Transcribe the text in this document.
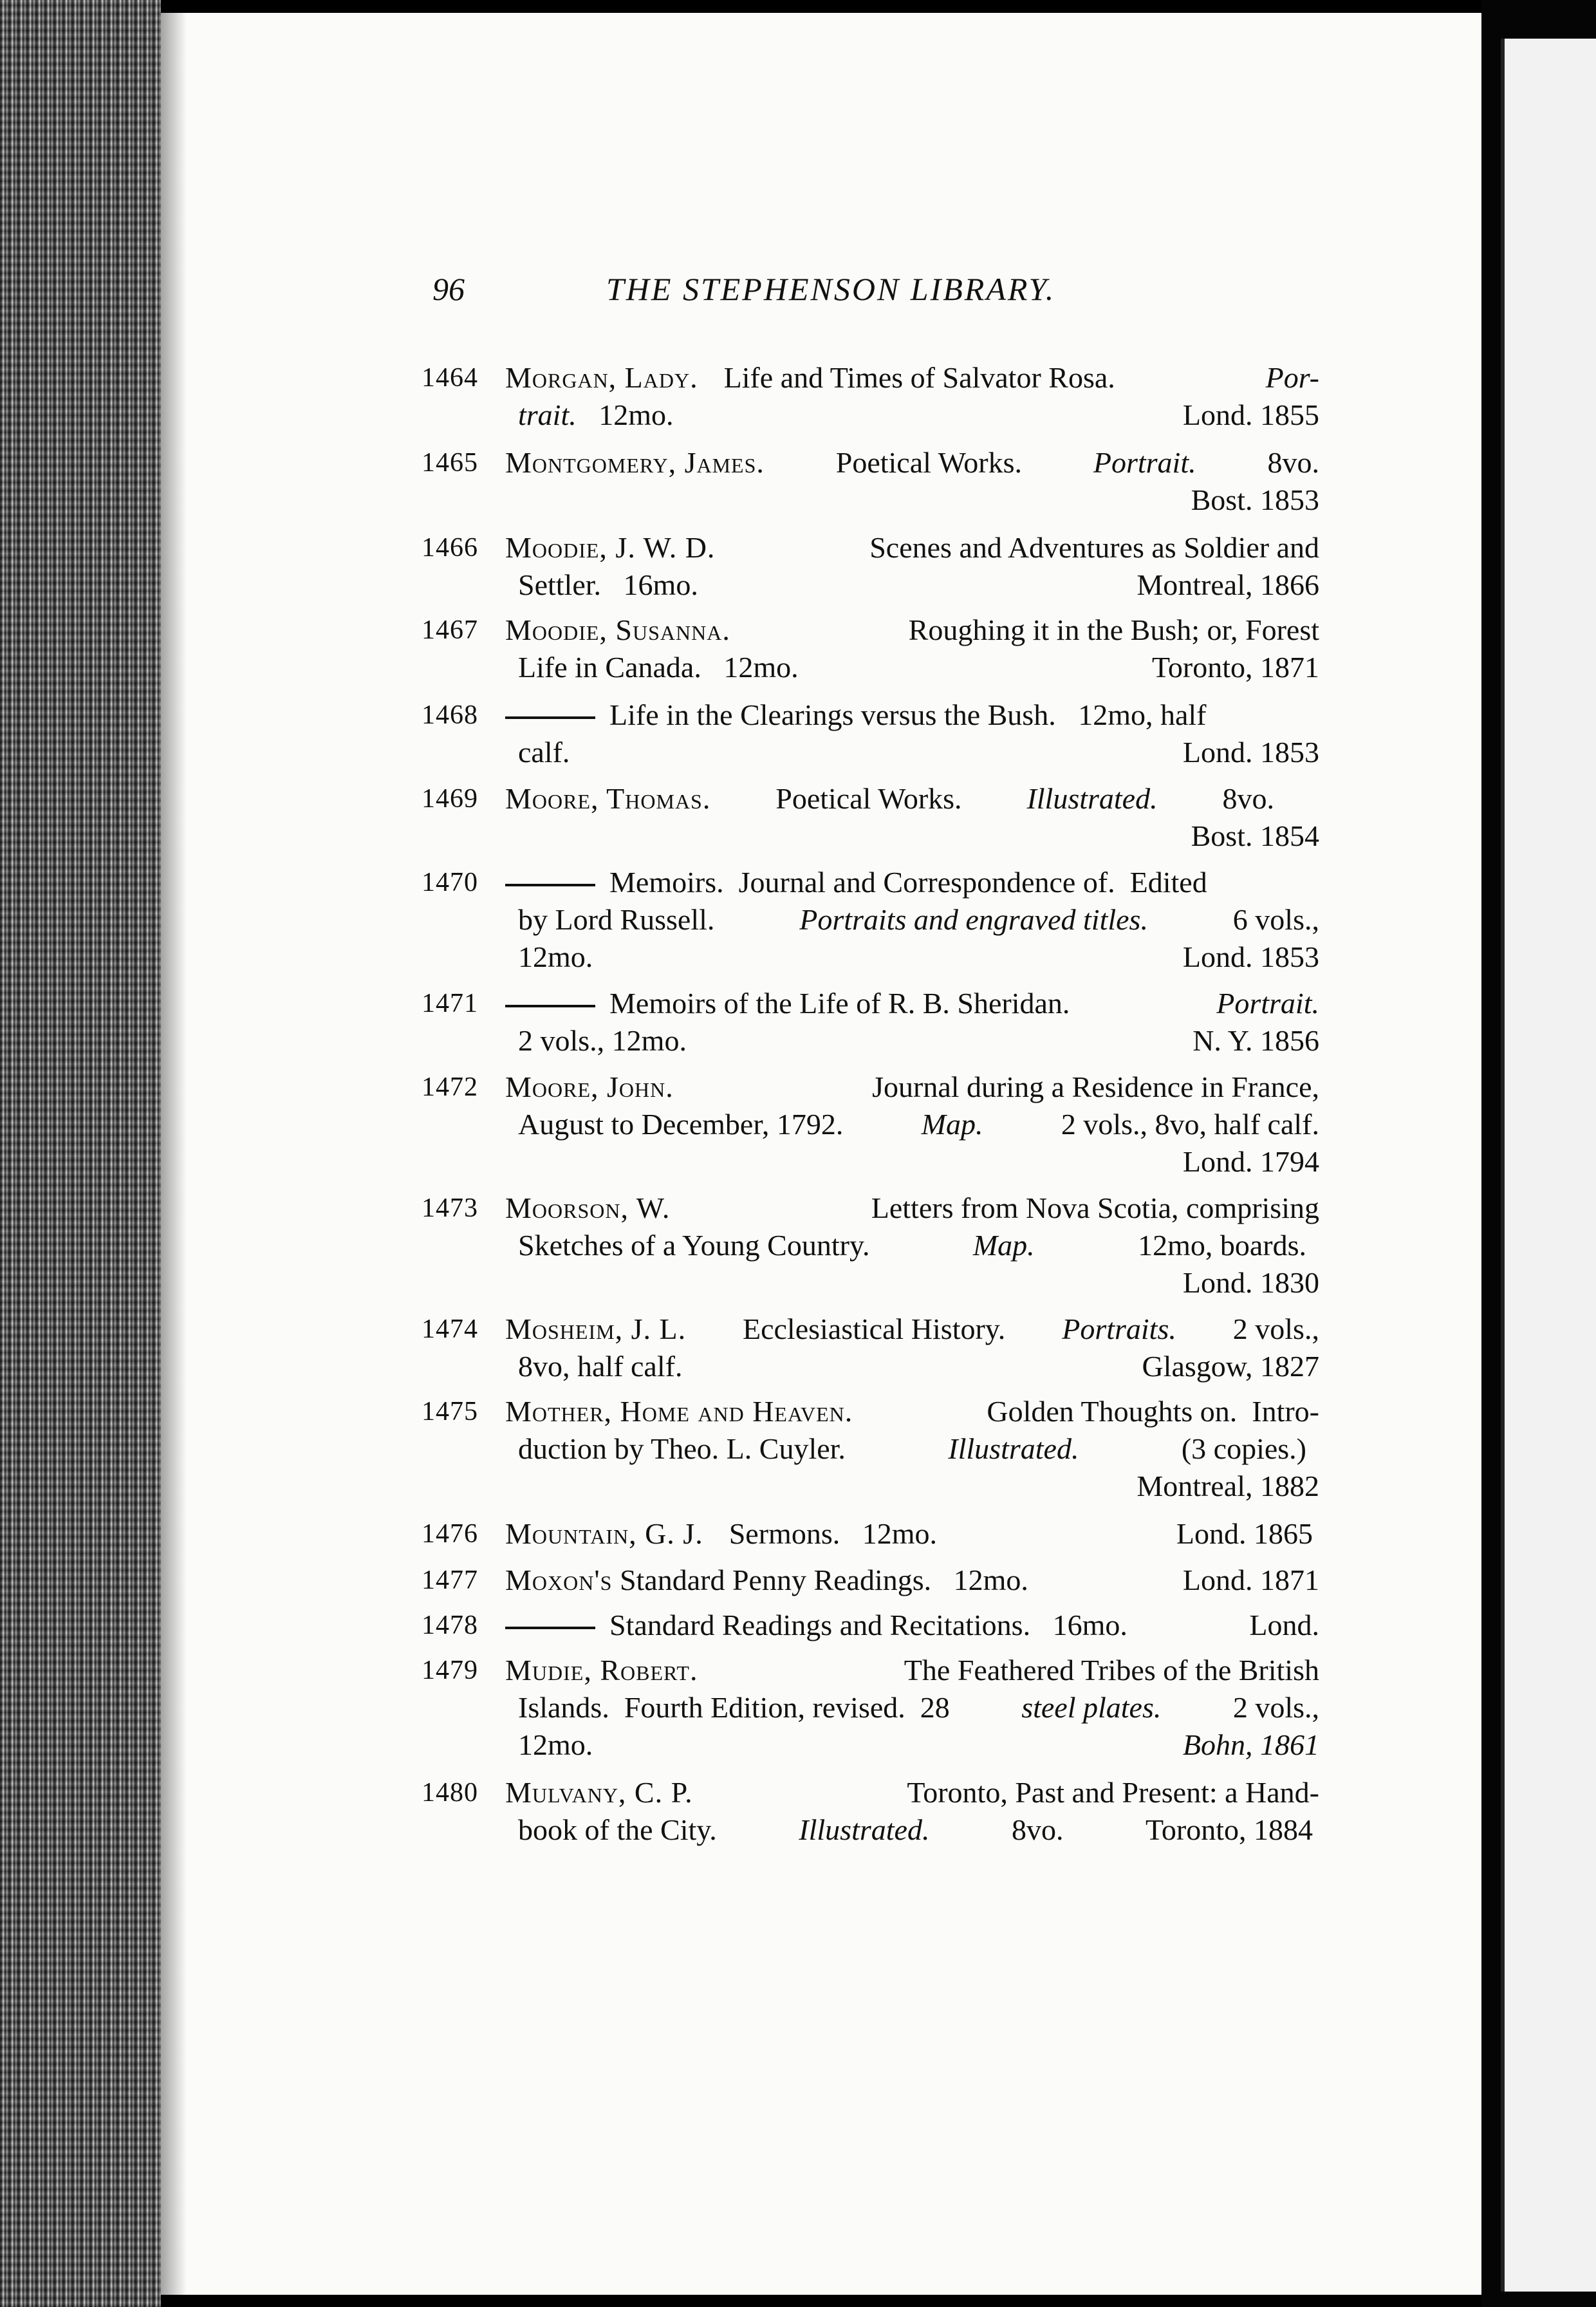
96	THE STEPHENSON LIBRARY.
1464 Morgan, Lady. Life and Times of Salvator Rosa.	Por-
trait. 12mo.	Lond. 1855
1465 Montgomery, James. Poetical Works. Portrait. 8vo.
Bost. 1853
1466 Moodie, J. W. D.	Scenes and Adventures as Soldier and
Settler.   16mo.	Montreal, 1866
1467 Moodie, Susanna.	Roughing it in the Bush; or, Forest
Life in Canada.   12mo.	Toronto, 1871
1468	Life in the Clearings versus the Bush.   12mo, half
calf.	Lond. 1853
1469 Moore, Thomas. Poetical Works. Illustrated. 8vo.
Bost. 1854
1470	Memoirs.  Journal and Correspondence of.  Edited
by Lord Russell.	Portraits and engraved titles.	6 vols.,
12mo.	Lond. 1853
1471	Memoirs of the Life of R. B. Sheridan.	Portrait.
2 vols., 12mo.	N. Y. 1856
1472 Moore, John.	Journal during a Residence in France,
August to December, 1792.	Map.	2 vols., 8vo, half calf.
Lond. 1794
1473 Moorson, W.	Letters from Nova Scotia, comprising
Sketches of a Young Country.	Map.	12mo, boards.
Lond. 1830
1474 Mosheim, J. L. Ecclesiastical History. Portraits. 2 vols.,
8vo, half calf.	Glasgow, 1827
1475 Mother, Home and Heaven.	Golden Thoughts on.  Intro-
duction by Theo. L. Cuyler.	Illustrated.	(3 copies.)
Montreal, 1882
1476 Mountain, G. J. Sermons.   12mo.	Lond. 1865
1477 Moxon's Standard Penny Readings.   12mo.	Lond. 1871
1478	Standard Readings and Recitations.   16mo.	Lond.
1479 Mudie, Robert.	The Feathered Tribes of the British
Islands.  Fourth Edition, revised.  28 steel plates. 2 vols.,
12mo.	Bohn, 1861
1480 Mulvany, C. P.	Toronto, Past and Present: a Hand-
book of the City.	Illustrated.	8vo.	Toronto, 1884
